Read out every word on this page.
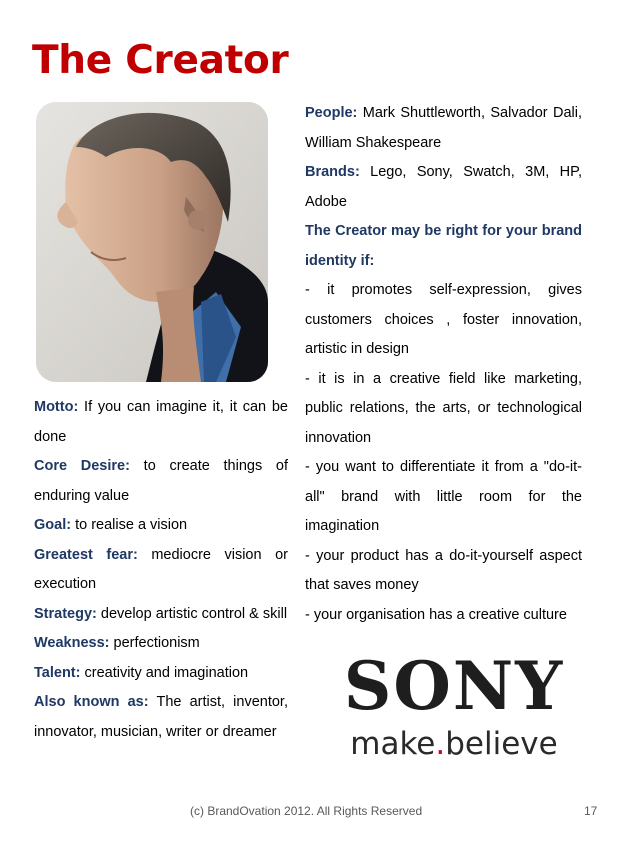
The Creator

People: Mark Shuttleworth, Salvador Dali, William Shakespeare

Brands: Lego, Sony, Swatch, 3M, HP, Adobe

The Creator may be right for your brand identity if:

- it promotes self-expression, gives customers choices , foster innovation, artistic in design

- it is in a creative field like marketing, public relations, the arts, or technological innovation

- you want to differentiate it from a "do-it-all" brand with little room for the imagination

- your product has a do-it-yourself aspect that saves money

- your organisation has a creative culture

Motto: If you can imagine it, it can be done

Core Desire: to create things of enduring value

Goal: to realise a vision

Greatest fear: mediocre vision or execution

Strategy: develop artistic control & skill

Weakness: perfectionism

Talent: creativity and imagination

Also known as: The artist, inventor, innovator, musician, writer or dreamer

SONY
make.believe
(c) BrandOvation 2012. All Rights Reserved	17
